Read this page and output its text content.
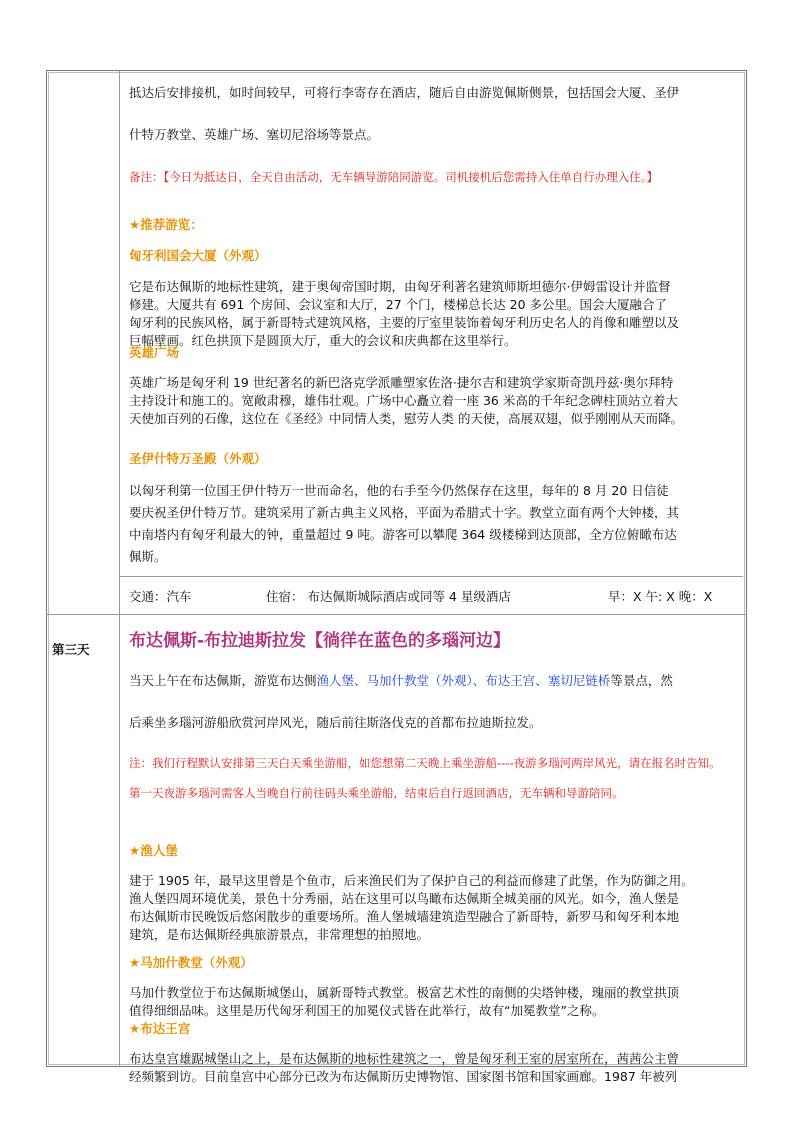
抵达后安排接机，如时间较早，可将行李寄存在酒店，随后自由游览佩斯侧景，包括国会大厦、圣伊

什特万教堂、英雄广场、塞切尼浴场等景点。

备注：【今日为抵达日，全天自由活动，无车辆导游陪同游览。司机接机后您需持入住单自行办理入住。】

★推荐游览：

匈牙利国会大厦（外观）

它是布达佩斯的地标性建筑，建于奥匈帝国时期，由匈牙利著名建筑师斯坦德尔·伊姆雷设计并监督

修建。大厦共有 691 个房间、会议室和大厅，27 个门，楼梯总长达 20 多公里。国会大厦融合了

匈牙利的民族风格，属于新哥特式建筑风格，主要的厅室里装饰着匈牙利历史名人的肖像和雕塑以及

巨幅壁画。红色拱顶下是圆顶大厅，重大的会议和庆典都在这里举行。

英雄广场

英雄广场是匈牙利 19 世纪著名的新巴洛克学派雕塑家佐洛·捷尔吉和建筑学家斯奇凯丹兹·奥尔拜特

主持设计和施工的。宽敞肃穆，雄伟壮观。广场中心矗立着一座 36 米高的千年纪念碑柱顶站立着大

天使加百列的石像，这位在《圣经》中同情人类，慰劳人类 的天使，高展双翅，似乎刚刚从天而降。

圣伊什特万圣殿（外观）

以匈牙利第一位国王伊什特万一世而命名，他的右手至今仍然保存在这里，每年的 8 月 20 日信徒

要庆祝圣伊什特万节。建筑采用了新古典主义风格，平面为希腊式十字。教堂立面有两个大钟楼，其

中南塔内有匈牙利最大的钟，重量超过 9 吨。游客可以攀爬 364 级楼梯到达顶部，全方位俯瞰布达

佩斯。

交通：汽车	住宿： 布达佩斯城际酒店或同等 4 星级酒店	早：X 午: X 晚：X
第三天 布达佩斯-布拉迪斯拉发【徜徉在蓝色的多瑙河边】

当天上午在布达佩斯，游览布达侧渔人堡、马加什教堂（外观）、布达王宫、塞切尼链桥等景点，然

后乘坐多瑙河游船欣赏河岸风光，随后前往斯洛伐克的首都布拉迪斯拉发。

注：我们行程默认安排第三天白天乘坐游船，如您想第二天晚上乘坐游船----夜游多瑙河两岸风光，请在报名时告知。

第一天夜游多瑙河需客人当晚自行前往码头乘坐游船，结束后自行返回酒店，无车辆和导游陪同。

★渔人堡

建于 1905 年，最早这里曾是个鱼市，后来渔民们为了保护自己的利益而修建了此堡，作为防御之用。

渔人堡四周环境优美，景色十分秀丽，站在这里可以鸟瞰布达佩斯全城美丽的风光。如今，渔人堡是

布达佩斯市民晚饭后悠闲散步的重要场所。渔人堡城墙建筑造型融合了新哥特，新罗马和匈牙利本地

建筑，是布达佩斯经典旅游景点，非常理想的拍照地。

★马加什教堂（外观）

马加什教堂位于布达佩斯城堡山，属新哥特式教堂。极富艺术性的南侧的尖塔钟楼，瑰丽的教堂拱顶

值得细细品味。这里是历代匈牙利国王的加冕仪式皆在此举行，故有“加冕教堂”之称。

★布达王宫

布达皇宫雄踞城堡山之上，是布达佩斯的地标性建筑之一，曾是匈牙利王室的居室所在，茜茜公主曾

经频繁到访。目前皇宫中心部分已改为布达佩斯历史博物馆、国家图书馆和国家画廊。1987 年被列
